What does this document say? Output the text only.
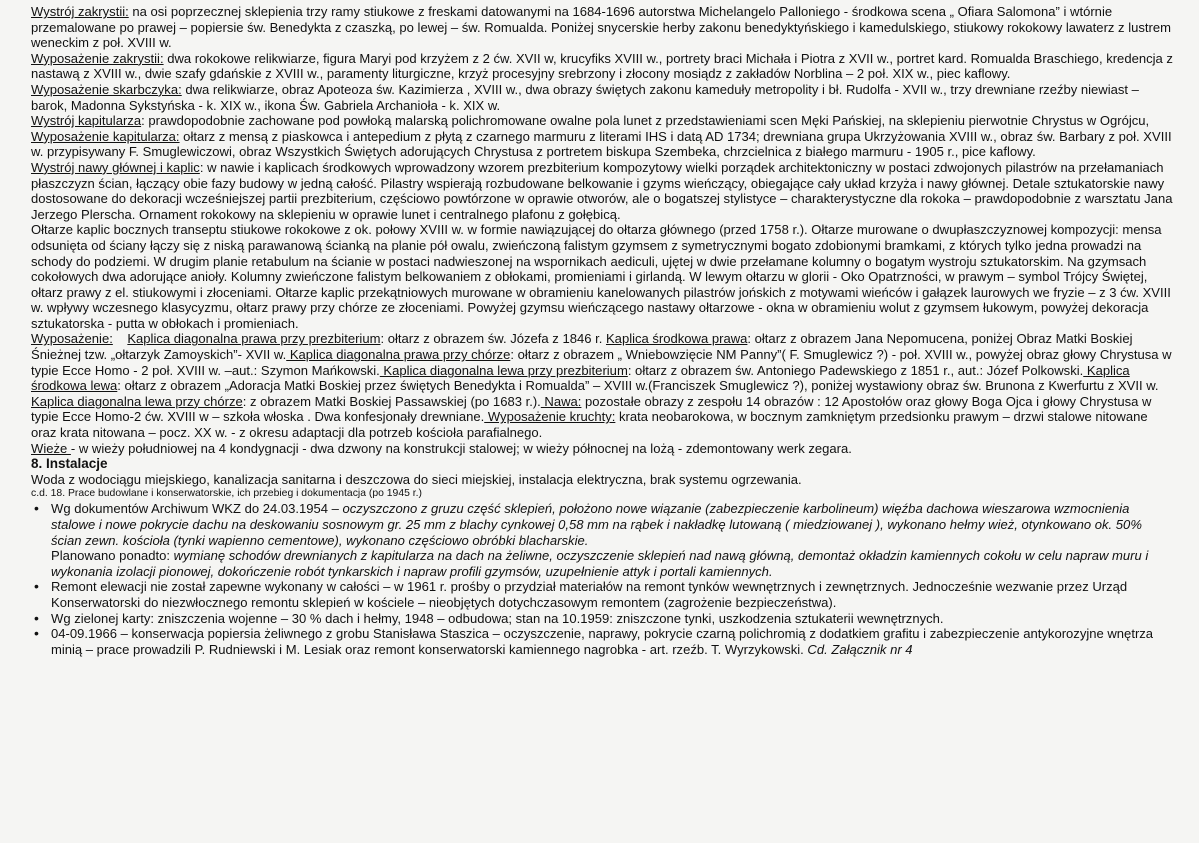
Wystrój zakrystii: na osi poprzecznej sklepienia trzy ramy stiukowe z freskami datowanymi na 1684-1696 autorstwa Michelangelo Palloniego - środkowa scena „ Ofiara Salomona” i wtórnie przemalowane po prawej – popiersie św. Benedykta z czaszką, po lewej – św. Romualda. Poniżej snycerskie herby zakonu benedyktyńskiego i kamedulskiego, stiukowy rokokowy lawaterz z lustrem weneckim z poł. XVIII w.

Wyposażenie zakrystii: dwa rokokowe relikwiarze, figura Maryi pod krzyżem z 2 ćw. XVII w, krucyfiks XVIII w., portrety braci Michała i Piotra z XVII w., portret kard. Romualda Braschiego, kredencja z nastawą z XVIII w., dwie szafy gdańskie z XVIII w., paramenty liturgiczne, krzyż procesyjny srebrzony i złocony mosiądz z zakładów Norblina – 2 poł. XIX w., piec kaflowy.

Wyposażenie skarbczyka: dwa relikwiarze, obraz Apoteoza św. Kazimierza , XVIII w., dwa obrazy świętych zakonu kameduły metropolity i bł. Rudolfa - XVII w., trzy drewniane rzeźby niewiast – barok, Madonna Sykstyńska - k. XIX w., ikona Św. Gabriela Archanioła - k. XIX w.

Wystrój kapitularza: prawdopodobnie zachowane pod powłoką malarską polichromowane owalne pola lunet z przedstawieniami scen Męki Pańskiej, na sklepieniu pierwotnie Chrystus w Ogrójcu,

Wyposażenie kapitularza: ołtarz z mensą z piaskowca i antepedium z płytą z czarnego marmuru z literami IHS i datą AD 1734; drewniana grupa Ukrzyżowania XVIII w., obraz św. Barbary z poł. XVIII w. przypisywany F. Smuglewiczowi, obraz Wszystkich Świętych adorujących Chrystusa z portretem biskupa Szembeka, chrzcielnica z białego marmuru - 1905 r., pice kaflowy.

Wystrój nawy głównej i kaplic: w nawie i kaplicach środkowych wprowadzony wzorem prezbiterium kompozytowy wielki porządek architektoniczny w postaci zdwojonych pilastrów na przełamaniach płaszczyzn ścian, łączący obie fazy budowy w jedną całość. Pilastry wspierają rozbudowane belkowanie i gzyms wieńczący, obiegające cały układ krzyża i nawy głównej. Detale sztukatorskie nawy dostosowane do dekoracji wcześniejszej partii prezbiterium, częściowo powtórzone w oprawie otworów, ale o bogatszej stylistyce – charakterystyczne dla rokoka – prawdopodobnie z warsztatu Jana Jerzego Plerscha. Ornament rokokowy na sklepieniu w oprawie lunet i centralnego plafonu z gołębicą.

Ołtarze kaplic bocznych transeptu stiukowe rokokowe z ok. połowy XVIII w. w formie nawiązującej do ołtarza głównego (przed 1758 r.). Ołtarze murowane o dwupłaszczyznowej kompozycji: mensa odsunięta od ściany łączy się z niską parawanową ścianką na planie pół owalu, zwieńczoną falistym gzymsem z symetrycznymi bogato zdobionymi bramkami, z których tylko jedna prowadzi na schody do podziemi. W drugim planie retabulum na ścianie w postaci nadwieszonej na wspornikach aediculi, ujętej w dwie przełamane kolumny o bogatym wystroju sztukatorskim. Na gzymsach cokołowych dwa adorujące anioły. Kolumny zwieńczone falistym belkowaniem z obłokami, promieniami i girlandą. W lewym ołtarzu w glorii - Oko Opatrzności, w prawym – symbol Trójcy Świętej, ołtarz prawy z el. stiukowymi i złoceniami. Ołtarze kaplic przekątniowych murowane w obramieniu kanelowanych pilastrów jońskich z motywami wieńców i gałązek laurowych we fryzie – z 3 ćw. XVIII w. wpływy wczesnego klasycyzmu, ołtarz prawy przy chórze ze złoceniami. Powyżej gzymsu wieńczącego nastawy ołtarzowe - okna w obramieniu wolut z gzymsem łukowym, powyżej dekoracja sztukatorska - putta w obłokach i promieniach.

Wyposażenie: Kaplica diagonalna prawa przy prezbiterium: ołtarz z obrazem św. Józefa z 1846 r. Kaplica środkowa prawa: ołtarz z obrazem Jana Nepomucena, poniżej Obraz Matki Boskiej Śnieżnej tzw. „ołtarzyk Zamoyskich”- XVII w. Kaplica diagonalna prawa przy chórze: ołtarz z obrazem „ Wniebowzięcie NM Panny”( F. Smuglewicz ?) - poł. XVIII w., powyżej obraz głowy Chrystusa w typie Ecce Homo - 2 poł. XVIII w. –aut.: Szymon Mańkowski. Kaplica diagonalna lewa przy prezbiterium: ołtarz z obrazem św. Antoniego Padewskiego z 1851 r., aut.: Józef Polkowski. Kaplica środkowa lewa: ołtarz z obrazem „Adoracja Matki Boskiej przez świętych Benedykta i Romualda” – XVIII w.(Franciszek Smuglewicz ?), poniżej wystawiony obraz św. Brunona z Kwerfurtu z XVII w. Kaplica diagonalna lewa przy chórze: z obrazem Matki Boskiej Passawskiej (po 1683 r.). Nawa: pozostałe obrazy z zespołu 14 obrazów : 12 Apostołów oraz głowy Boga Ojca i głowy Chrystusa w typie Ecce Homo-2 ćw. XVIII w – szkoła włoska . Dwa konfesjonały drewniane. Wyposażenie kruchty: krata neobarokowa, w bocznym zamkniętym przedsionku prawym – drzwi stalowe nitowane oraz krata nitowana – pocz. XX w. - z okresu adaptacji dla potrzeb kościoła parafialnego.

Wieże - w wieży południowej na 4 kondygnacji - dwa dzwony na konstrukcji stalowej; w wieży północnej na lożą - zdemontowany werk zegara.

8. Instalacje

Woda z wodociągu miejskiego, kanalizacja sanitarna i deszczowa do sieci miejskiej, instalacja elektryczna, brak systemu ogrzewania.

c.d. 18. Prace budowlane i konserwatorskie, ich przebieg i dokumentacja (po 1945 r.)

• Wg dokumentów Archiwum WKZ do 24.03.1954 – oczyszczono z gruzu część sklepień, położono nowe wiązanie (zabezpieczenie karbolineum) więźba dachowa wieszarowa wzmocnienia stalowe i nowe pokrycie dachu na deskowaniu sosnowym gr. 25 mm z blachy cynkowej 0,58 mm na rąbek i nakładkę lutowaną ( miedziowanej ), wykonano hełmy wież, otynkowano ok. 50% ścian zewn. kościoła (tynki wapienno cementowe), wykonano częściowo obróbki blacharskie.
Planowano ponadto: wymianę schodów drewnianych z kapitularza na dach na żeliwne, oczyszczenie sklepień nad nawą główną, demontaż okładzin kamiennych cokołu w celu napraw muru i wykonania izolacji pionowej, dokończenie robót tynkarskich i napraw profili gzymsów, uzupełnienie attyk i portali kamiennych.
• Remont elewacji nie został zapewne wykonany w całości – w 1961 r. prośby o przydział materiałów na remont tynków wewnętrznych i zewnętrznych. Jednocześnie wezwanie przez Urząd Konserwatorski do niezwłocznego remontu sklepień w kościele – nieobjętych dotychczasowym remontem (zagrożenie bezpieczeństwa).
• Wg zielonej karty: zniszczenia wojenne – 30 % dach i hełmy, 1948 – odbudowa; stan na 10.1959: zniszczone tynki, uszkodzenia sztukaterii wewnętrznych.
• 04-09.1966 – konserwacja popiersia żeliwnego z grobu Stanisława Staszica – oczyszczenie, naprawy, pokrycie czarną polichromią z dodatkiem grafitu i zabezpieczenie antykorozyjne wnętrza minią – prace prowadzili P. Rudniewski i M. Lesiak oraz remont konserwatorski kamiennego nagrobka - art. rzeźb. T. Wyrzykowski. Cd. Załącznik nr 4
